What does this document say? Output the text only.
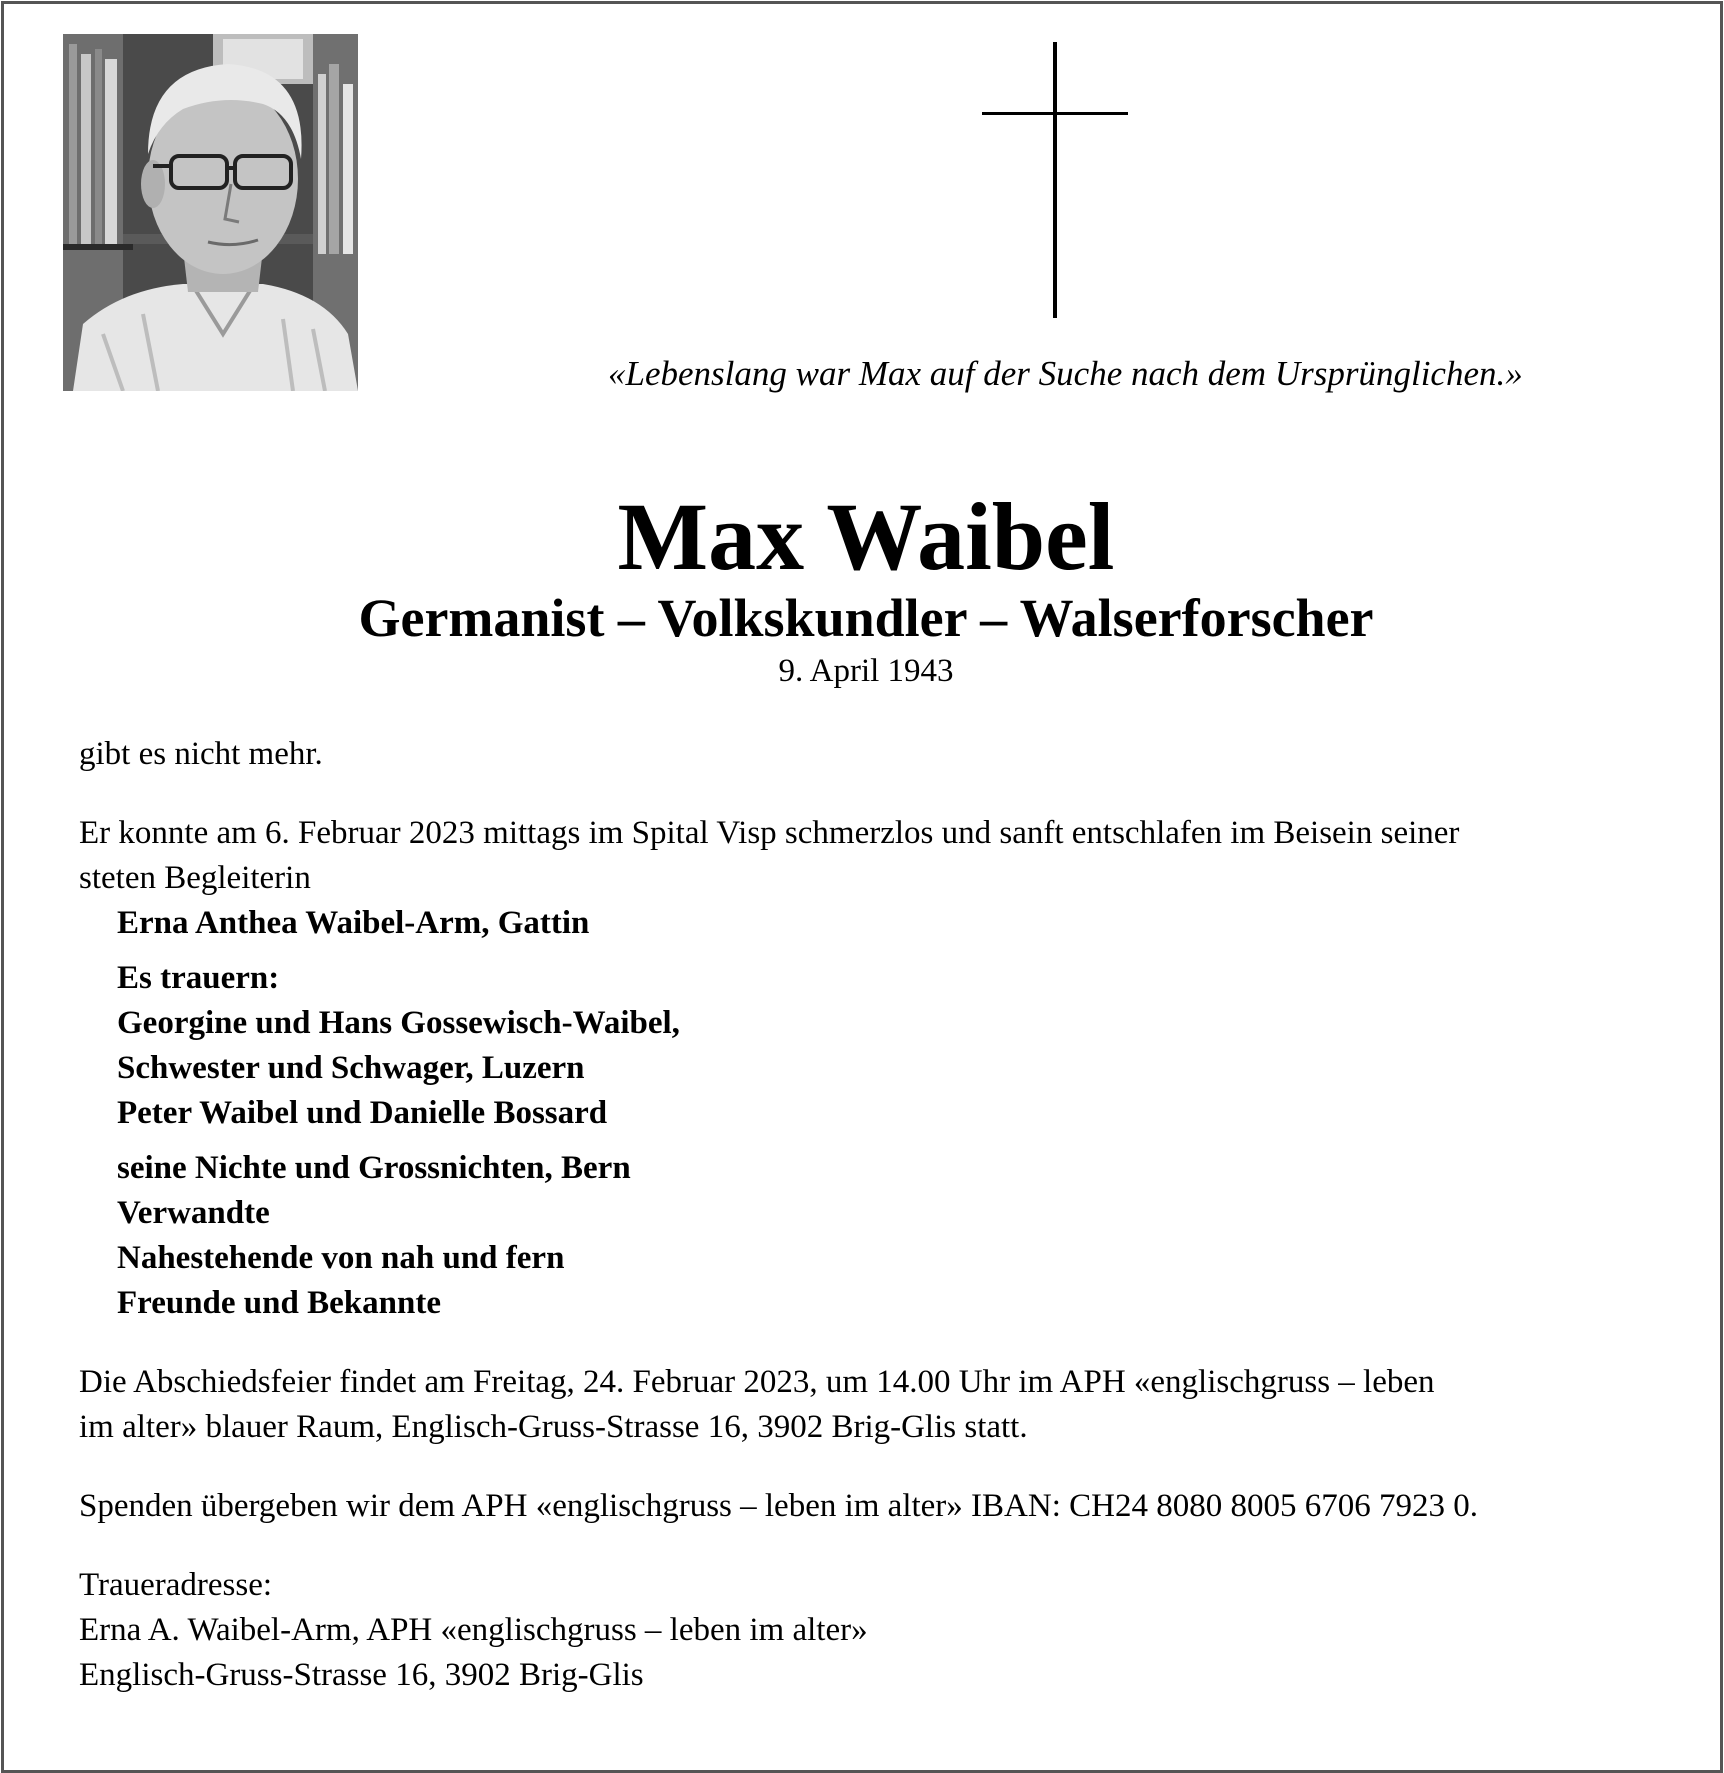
«Lebenslang war Max auf der Suche nach dem Ursprünglichen.»
Max Waibel
Germanist – Volkskundler – Walserforscher
9. April 1943

gibt es nicht mehr.

Er konnte am 6. Februar 2023 mittags im Spital Visp schmerzlos und sanft entschlafen im Beisein seiner

steten Begleiterin

Erna Anthea Waibel-Arm, Gattin

Es trauern:

Georgine und Hans Gossewisch-Waibel,

Schwester und Schwager, Luzern

Peter Waibel und Danielle Bossard

seine Nichte und Grossnichten, Bern

Verwandte

Nahestehende von nah und fern

Freunde und Bekannte

Die Abschiedsfeier findet am Freitag, 24. Februar 2023, um 14.00 Uhr im APH «englischgruss – leben

im alter» blauer Raum, Englisch-Gruss-Strasse 16, 3902 Brig-Glis statt.

Spenden übergeben wir dem APH «englischgruss – leben im alter» IBAN: CH24 8080 8005 6706 7923 0.

Traueradresse:

Erna A. Waibel-Arm, APH «englischgruss – leben im alter»

Englisch-Gruss-Strasse 16, 3902 Brig-Glis
